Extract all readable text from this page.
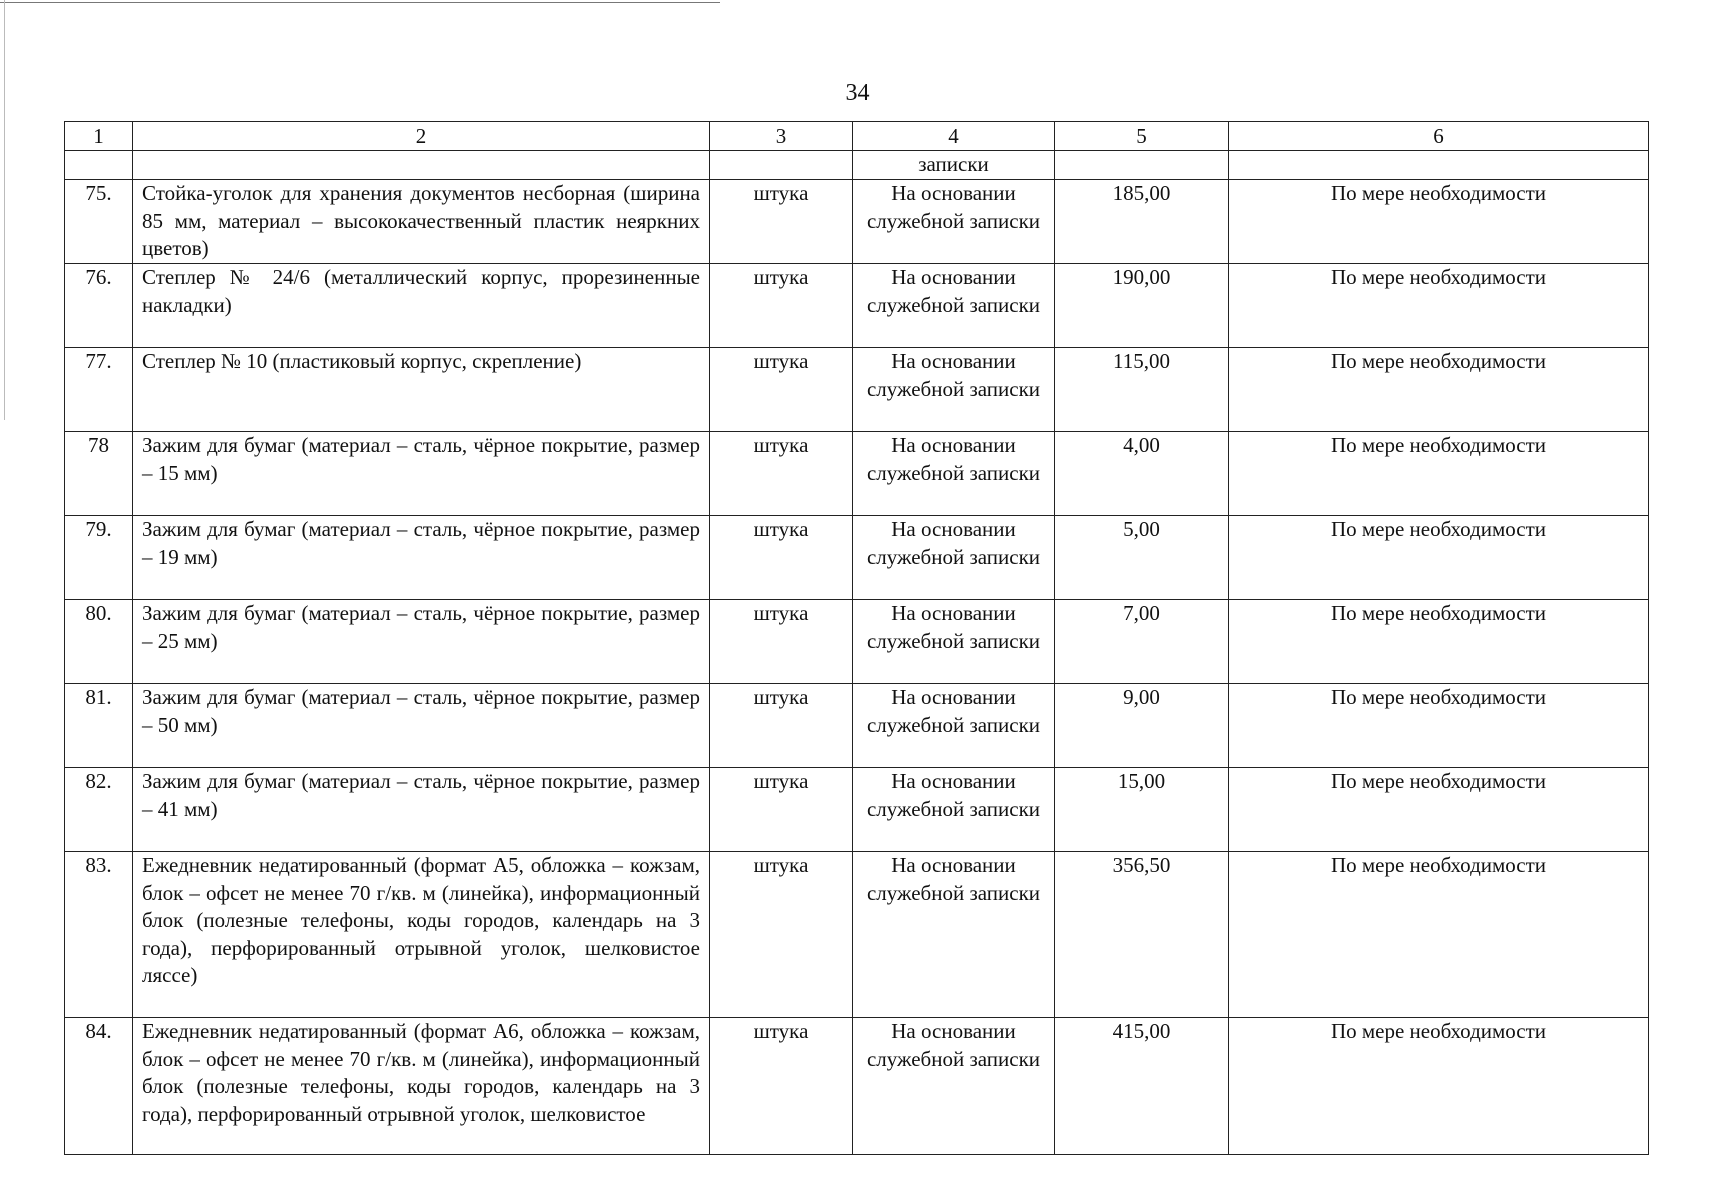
34
1	2	3	4	5	6
			записки		
75.	Стойка-уголок для хранения документов несборная (ширина 85 мм, материал – высококачественный пластик неяркних цветов)	штука	На основании служебной записки	185,00	По мере необходимости
76.	Степлер № 24/6 (металлический корпус, прорезиненные накладки)	штука	На основании служебной записки	190,00	По мере необходимости
77.	Степлер № 10 (пластиковый корпус, скрепление)	штука	На основании служебной записки	115,00	По мере необходимости
78	Зажим для бумаг (материал – сталь, чёрное покрытие, размер – 15 мм)	штука	На основании служебной записки	4,00	По мере необходимости
79.	Зажим для бумаг (материал – сталь, чёрное покрытие, размер – 19 мм)	штука	На основании служебной записки	5,00	По мере необходимости
80.	Зажим для бумаг (материал – сталь, чёрное покрытие, размер – 25 мм)	штука	На основании служебной записки	7,00	По мере необходимости
81.	Зажим для бумаг (материал – сталь, чёрное покрытие, размер – 50 мм)	штука	На основании служебной записки	9,00	По мере необходимости
82.	Зажим для бумаг (материал – сталь, чёрное покрытие, размер – 41 мм)	штука	На основании служебной записки	15,00	По мере необходимости
83.	Ежедневник недатированный (формат А5, обложка – кожзам, блок – офсет не менее 70 г/кв. м (линейка), информационный блок (полезные телефоны, коды городов, календарь на 3 года), перфорированный отрывной уголок, шелковистое ляссе)	штука	На основании служебной записки	356,50	По мере необходимости
84.	Ежедневник недатированный (формат А6, обложка – кожзам, блок – офсет не менее 70 г/кв. м (линейка), информационный блок (полезные телефоны, коды городов, календарь на 3 года), перфорированный отрывной уголок, шелковистое	штука	На основании служебной записки	415,00	По мере необходимости
